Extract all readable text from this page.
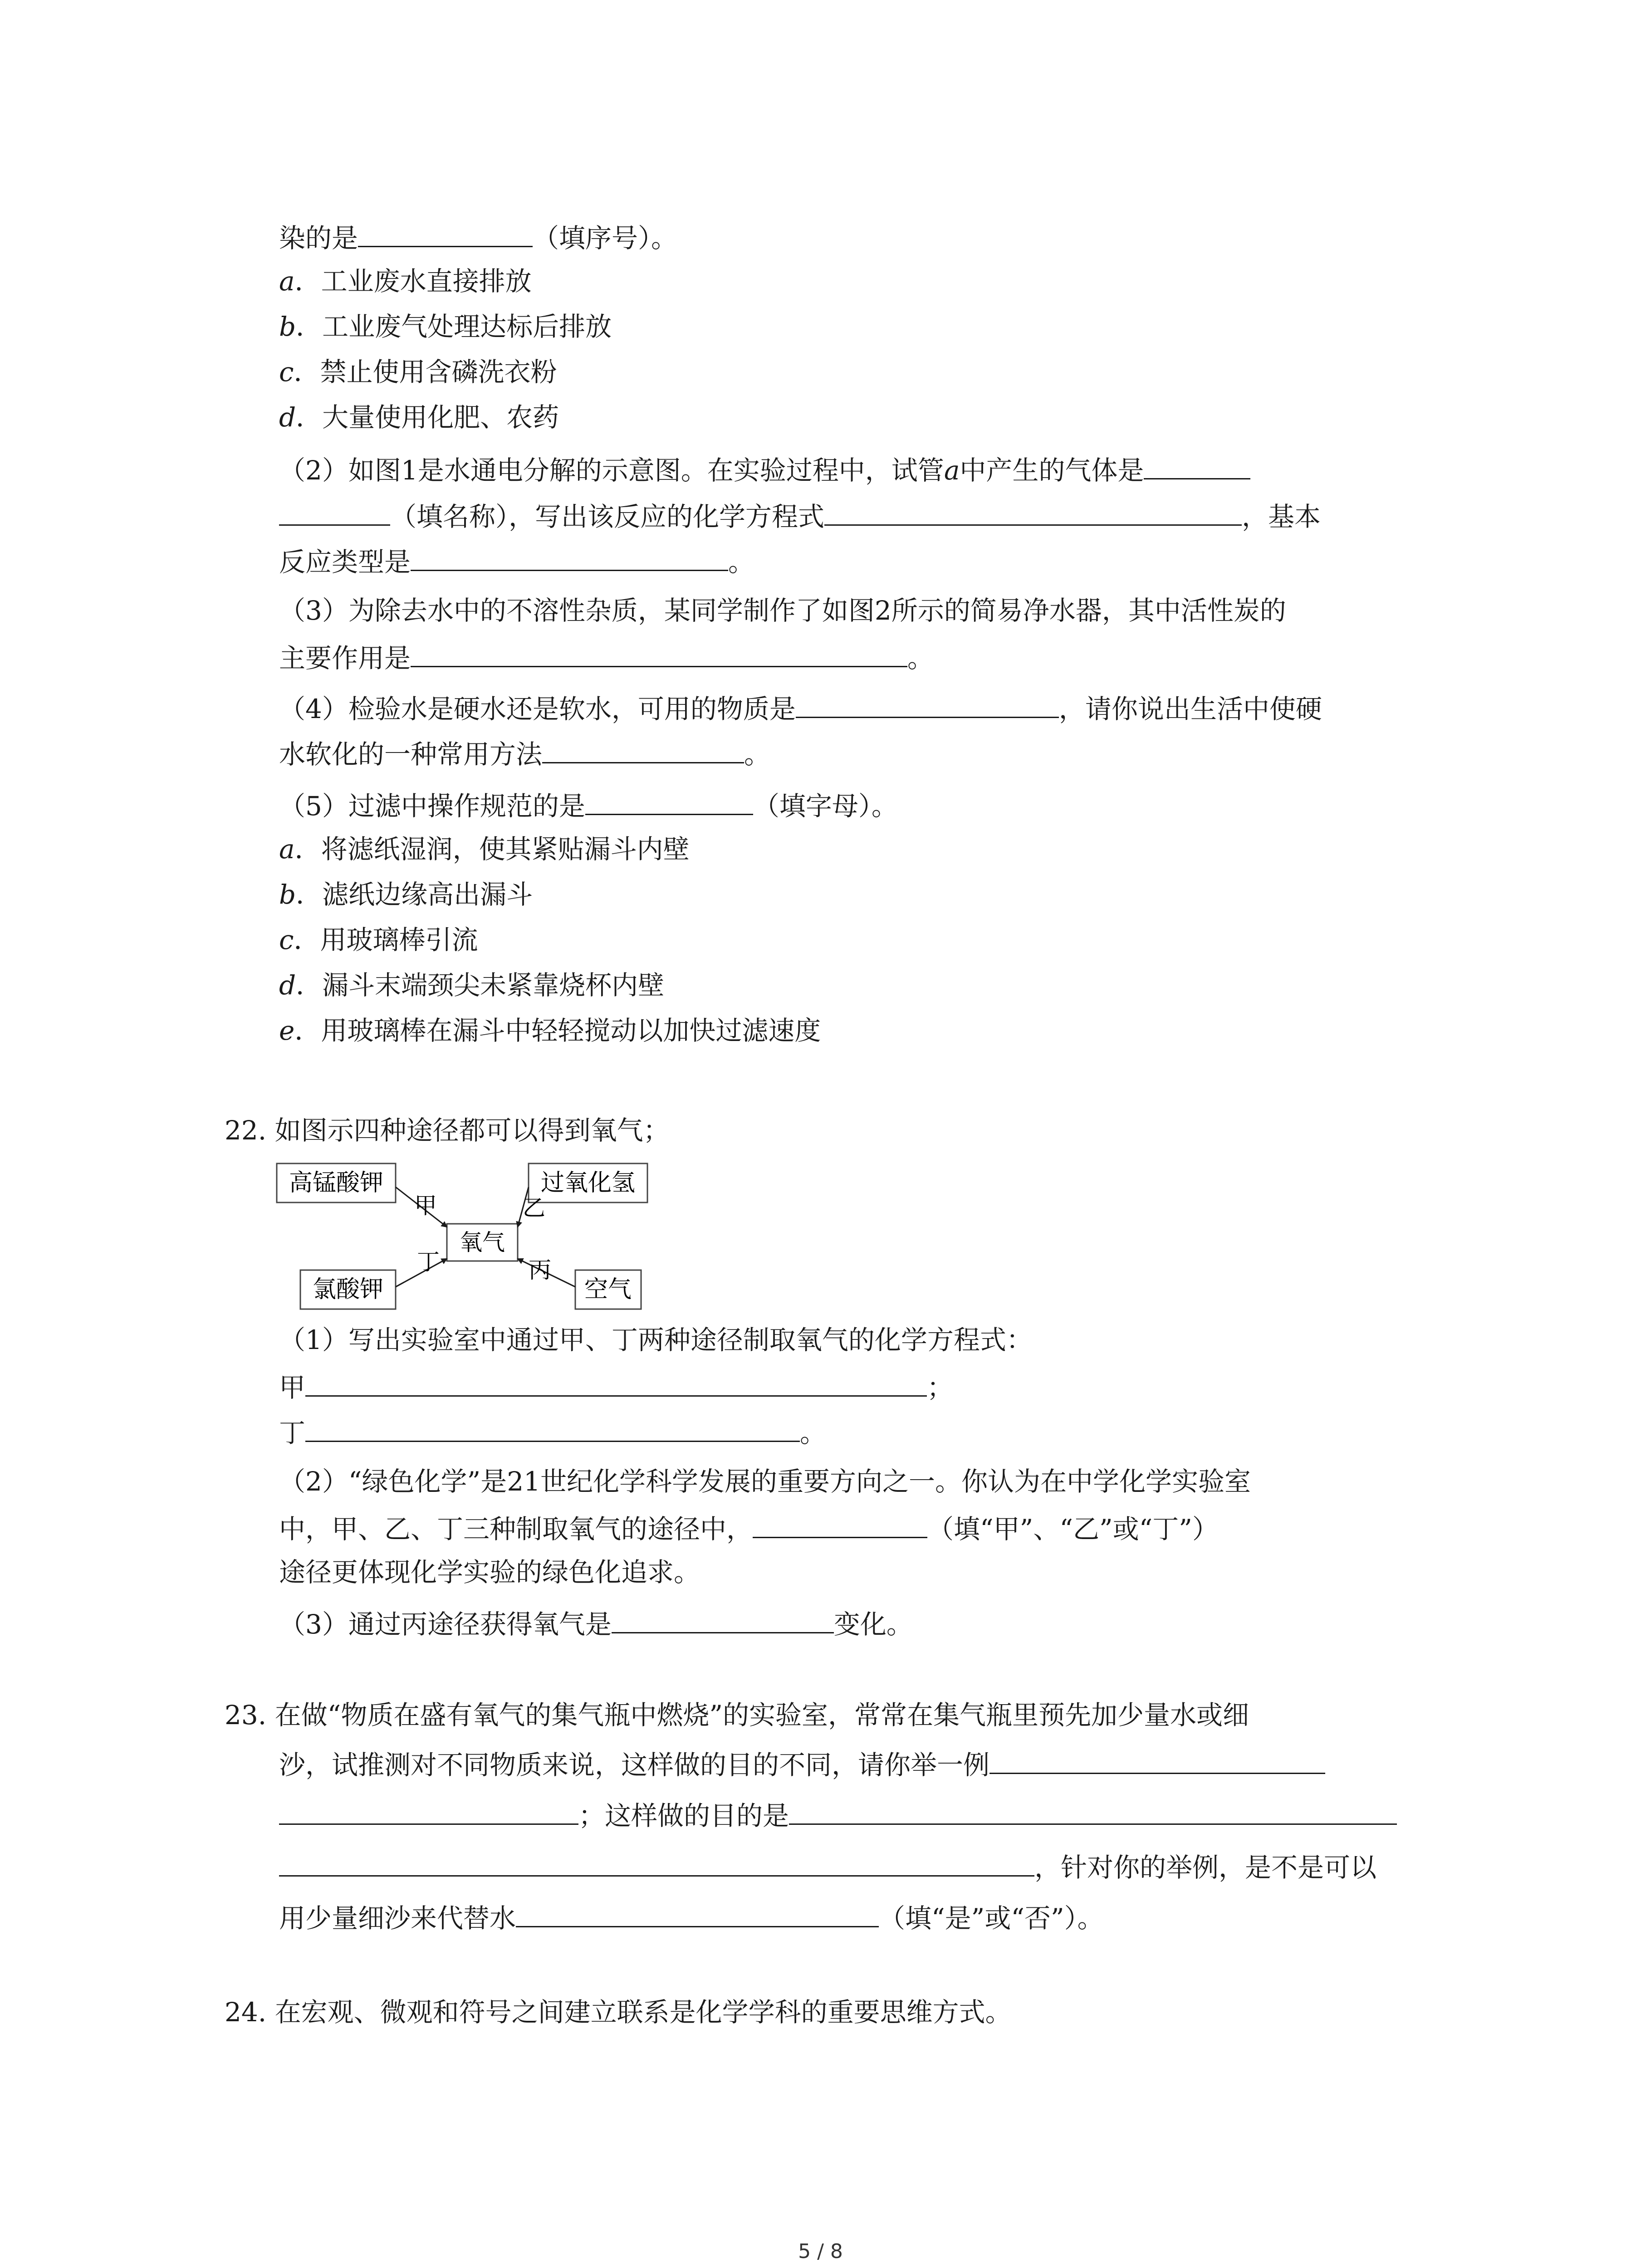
染的是	（填序号）。
a．工业废水直接排放
b．工业废气处理达标后排放
c．禁止使用含磷洗衣粉
d．大量使用化肥、农药
（2）如图1是水通电分解的示意图。在实验过程中，试管a中产生的气体是
（填名称），写出该反应的化学方程式	，基本
反应类型是	。
（3）为除去水中的不溶性杂质，某同学制作了如图2所示的简易净水器，其中活性炭的
主要作用是	。
（4）检验水是硬水还是软水，可用的物质是	，请你说出生活中使硬
水软化的一种常用方法	。
（5）过滤中操作规范的是	（填字母）。
a．将滤纸湿润，使其紧贴漏斗内壁
b．滤纸边缘高出漏斗
c．用玻璃棒引流
d．漏斗末端颈尖未紧靠烧杯内壁
e．用玻璃棒在漏斗中轻轻搅动以加快过滤速度
22. 如图示四种途径都可以得到氧气；
高锰酸钾	过氧化氢
氧气
氯酸钾	空气
甲	乙
丁	丙
（1）写出实验室中通过甲、丁两种途径制取氧气的化学方程式：
甲	；
丁	。
（2）“绿色化学”是21世纪化学科学发展的重要方向之一。你认为在中学化学实验室
中，甲、乙、丁三种制取氧气的途径中，	（填“甲”、“乙”或“丁”）
途径更体现化学实验的绿色化追求。
（3）通过丙途径获得氧气是	变化。
23. 在做“物质在盛有氧气的集气瓶中燃烧”的实验室，常常在集气瓶里预先加少量水或细
沙，试推测对不同物质来说，这样做的目的不同，请你举一例
；这样做的目的是
，针对你的举例，是不是可以
用少量细沙来代替水	（填“是”或“否”）。
24. 在宏观、微观和符号之间建立联系是化学学科的重要思维方式。
5 / 8
